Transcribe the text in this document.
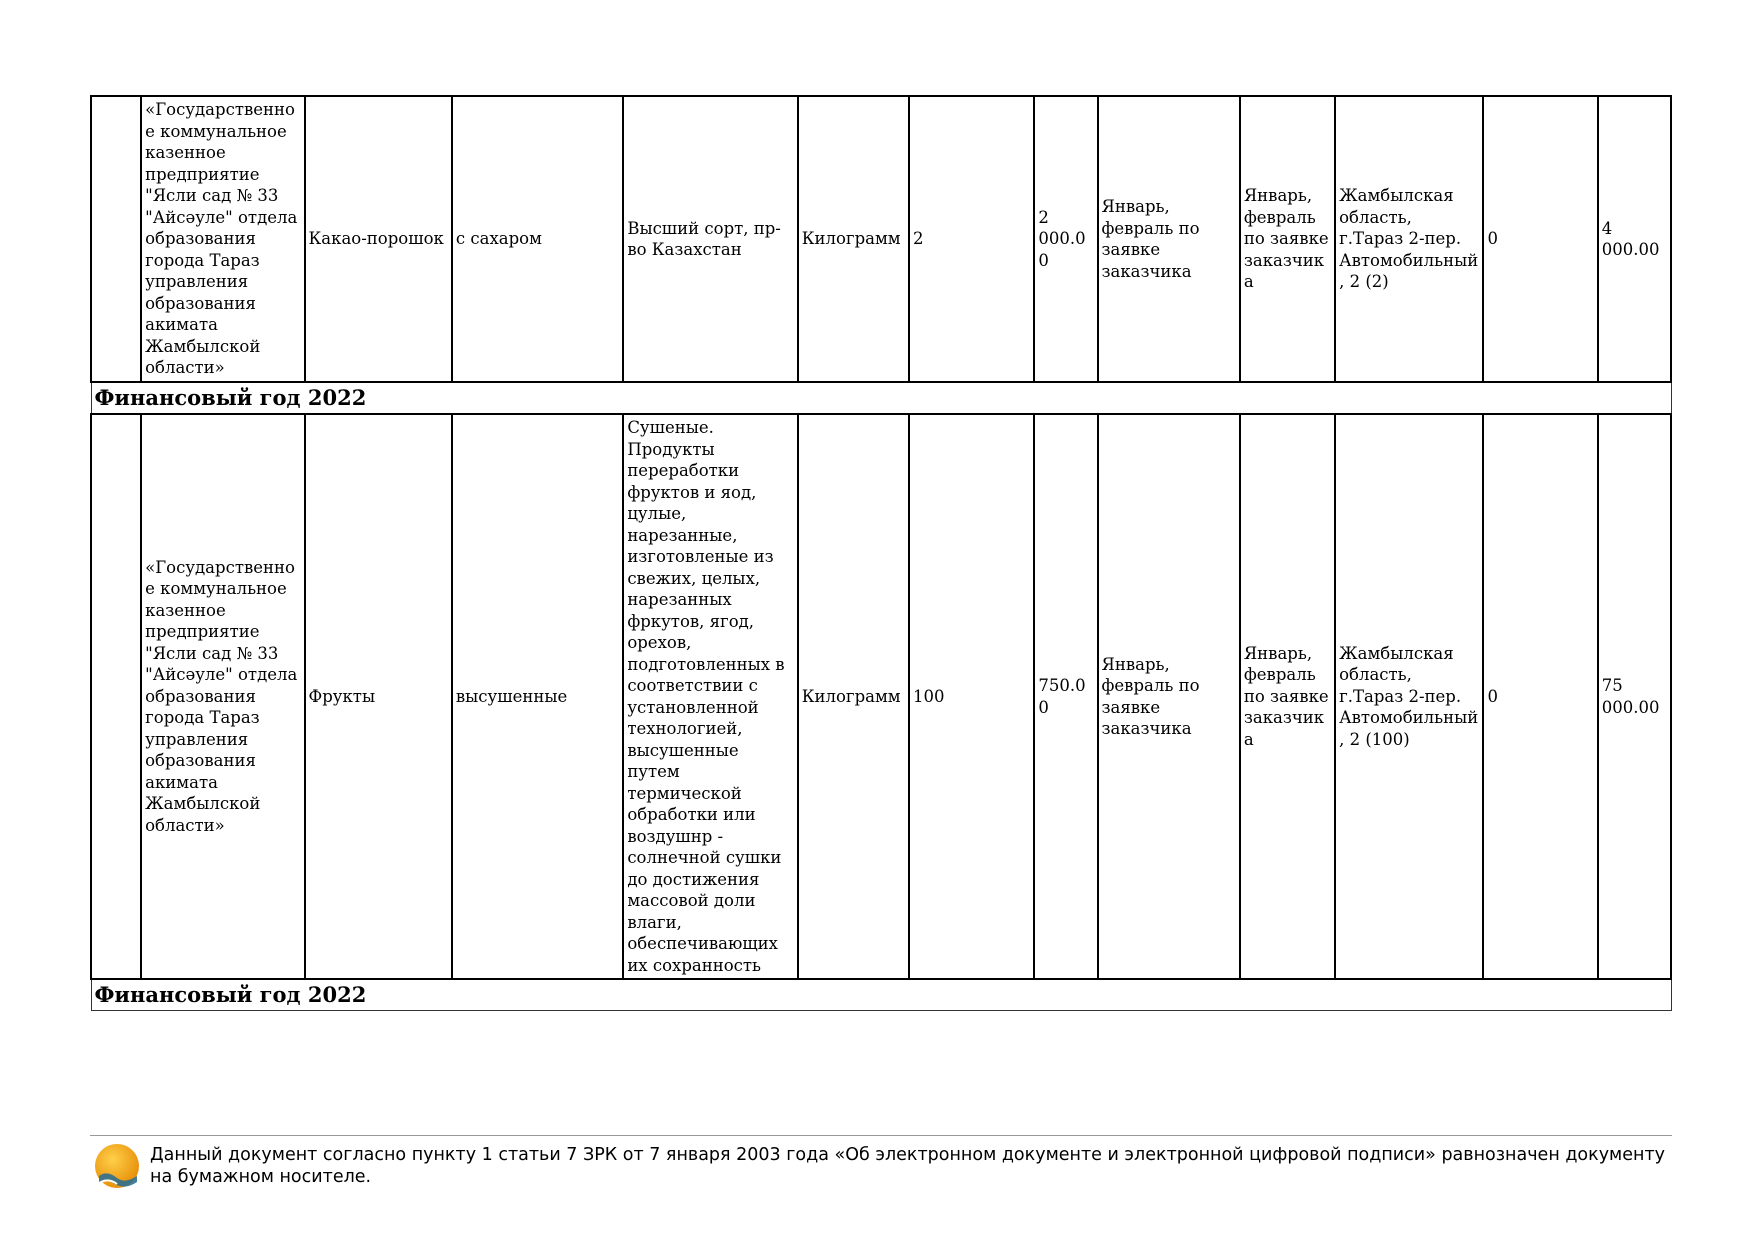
	«Государственное коммунальное казенное предприятие "Ясли сад № 33 "Айсәуле" отдела образования города Тараз управления образования акимата Жамбылской области»	Какао-порошок	с сахаром	Высший сорт, пр-во Казахстан	Килограмм	2	2 000.00	Январь, февраль по заявке заказчика	Январь, февраль по заявке заказчика	Жамбылская область, г.Тараз 2-пер. Автомобильный, 2 (2)	0	4 000.00
Финансовый год 2022												
	«Государственное коммунальное казенное предприятие "Ясли сад № 33 "Айсәуле" отдела образования города Тараз управления образования акимата Жамбылской области»	Фрукты	высушенные	Сушеные. Продукты переработки фруктов и яод, цулые, нарезанные, изготовленые из свежих, целых, нарезанных фркутов, ягод, орехов, подготовленных в соответствии с установленной технологией, высушенные путем термической обработки или воздушнр - солнечной сушки до достижения массовой доли влаги, обеспечивающих их сохранность	Килограмм	100	750.00	Январь, февраль по заявке заказчика	Январь, февраль по заявке заказчика	Жамбылская область, г.Тараз 2-пер. Автомобильный, 2 (100)	0	75 000.00
Финансовый год 2022												
Данный документ согласно пункту 1 статьи 7 ЗРК от 7 января 2003 года «Об электронном документе и электронной цифровой подписи» равнозначен документу на бумажном носителе.
